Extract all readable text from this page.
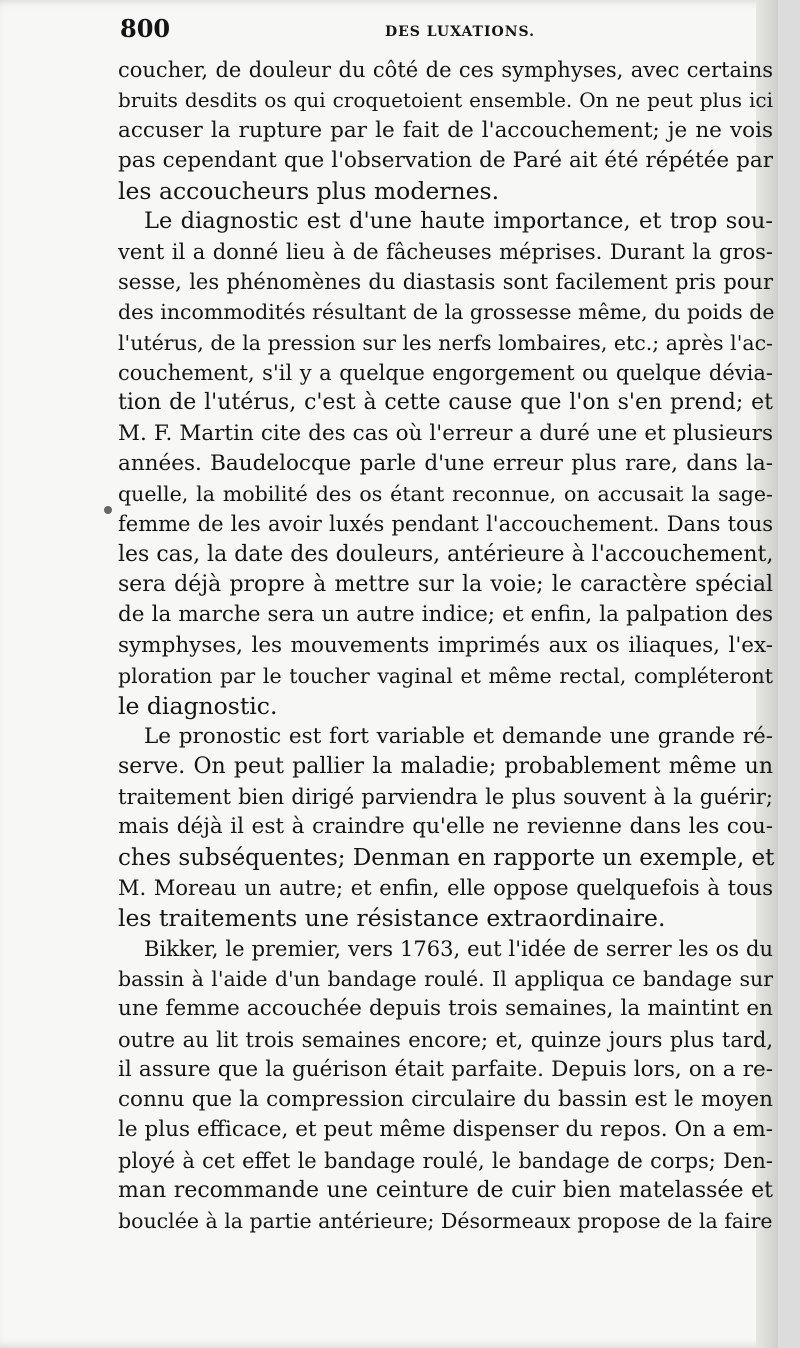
800	DES LUXATIONS.

coucher, de douleur du côté de ces symphyses, avec certains
bruits desdits os qui croquetoient ensemble. On ne peut plus ici
accuser la rupture par le fait de l'accouchement; je ne vois
pas cependant que l'observation de Paré ait été répétée par
les accoucheurs plus modernes.

Le diagnostic est d'une haute importance, et trop sou-
vent il a donné lieu à de fâcheuses méprises. Durant la gros-
sesse, les phénomènes du diastasis sont facilement pris pour
des incommodités résultant de la grossesse même, du poids de
l'utérus, de la pression sur les nerfs lombaires, etc.; après l'ac-
couchement, s'il y a quelque engorgement ou quelque dévia-
tion de l'utérus, c'est à cette cause que l'on s'en prend; et
M. F. Martin cite des cas où l'erreur a duré une et plusieurs
années. Baudelocque parle d'une erreur plus rare, dans la-
quelle, la mobilité des os étant reconnue, on accusait la sage-
femme de les avoir luxés pendant l'accouchement. Dans tous
les cas, la date des douleurs, antérieure à l'accouchement,
sera déjà propre à mettre sur la voie; le caractère spécial
de la marche sera un autre indice; et enfin, la palpation des
symphyses, les mouvements imprimés aux os iliaques, l'ex-
ploration par le toucher vaginal et même rectal, compléteront
le diagnostic.

Le pronostic est fort variable et demande une grande ré-
serve. On peut pallier la maladie; probablement même un
traitement bien dirigé parviendra le plus souvent à la guérir;
mais déjà il est à craindre qu'elle ne revienne dans les cou-
ches subséquentes; Denman en rapporte un exemple, et
M. Moreau un autre; et enfin, elle oppose quelquefois à tous
les traitements une résistance extraordinaire.

Bikker, le premier, vers 1763, eut l'idée de serrer les os du
bassin à l'aide d'un bandage roulé. Il appliqua ce bandage sur
une femme accouchée depuis trois semaines, la maintint en
outre au lit trois semaines encore; et, quinze jours plus tard,
il assure que la guérison était parfaite. Depuis lors, on a re-
connu que la compression circulaire du bassin est le moyen
le plus efficace, et peut même dispenser du repos. On a em-
ployé à cet effet le bandage roulé, le bandage de corps; Den-
man recommande une ceinture de cuir bien matelassée et
bouclée à la partie antérieure; Désormeaux propose de la faire
